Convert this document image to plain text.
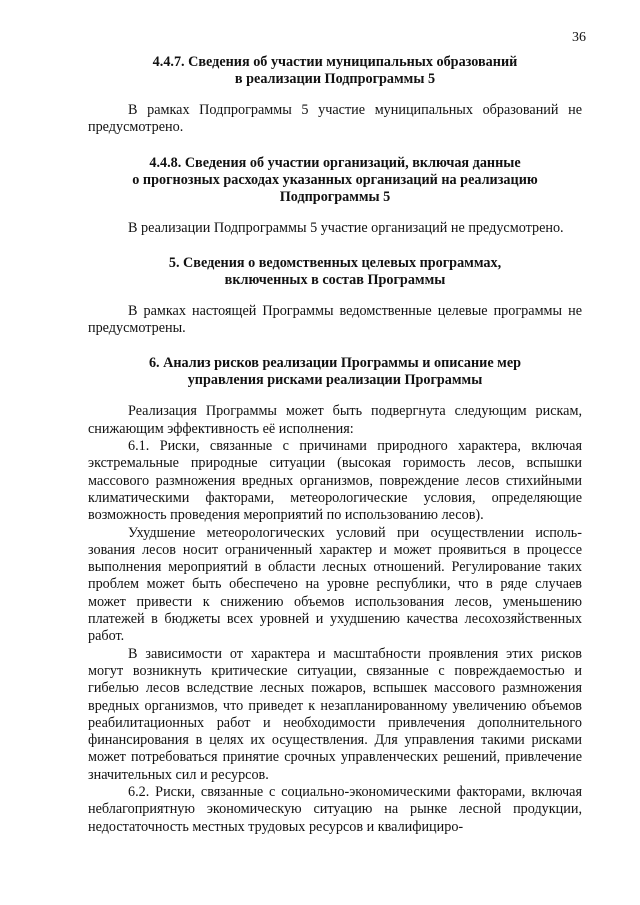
36
4.4.7. Сведения об участии муниципальных образований
в реализации Подпрограммы 5

В рамках Подпрограммы 5 участие муниципальных образований не предусмотрено.

4.4.8. Сведения об участии организаций, включая данные
о прогнозных расходах указанных организаций на реализацию
Подпрограммы 5

В реализации Подпрограммы 5 участие организаций не предусмотрено.

5. Сведения о ведомственных целевых программах,
включенных в состав Программы

В рамках настоящей Программы ведомственные целевые программы не предусмотрены.

6. Анализ рисков реализации Программы и описание мер
управления рисками реализации Программы

Реализация Программы может быть подвергнута следующим рискам, снижающим эффективность её исполнения:

6.1. Риски, связанные с причинами природного характера, включая экстремальные природные ситуации (высокая горимость лесов, вспышки массового размножения вредных организмов, повреждение лесов стихийными климатическими факторами, метеорологические условия, определяющие возможность проведения мероприятий по использованию лесов).

Ухудшение метеорологических условий при осуществлении использования лесов носит ограниченный характер и может проявиться в процессе выполнения мероприятий в области лесных отношений. Регулирование таких проблем может быть обеспечено на уровне республики, что в ряде случаев может привести к снижению объемов использования лесов, уменьшению платежей в бюджеты всех уровней и ухудшению качества лесохозяйственных работ.

В зависимости от характера и масштабности проявления этих рисков могут возникнуть критические ситуации, связанные с повреждаемостью и гибелью лесов вследствие лесных пожаров, вспышек массового размножения вредных организмов, что приведет к незапланированному увеличению объемов реабилитационных работ и необходимости привлечения дополнительного финансирования в целях их осуществления. Для управления такими рисками может потребоваться принятие срочных управленческих решений, привлечение значительных сил и ресурсов.

6.2. Риски, связанные с социально-экономическими факторами, включая неблагоприятную экономическую ситуацию на рынке лесной продукции, недостаточность местных трудовых ресурсов и квалифициро-
